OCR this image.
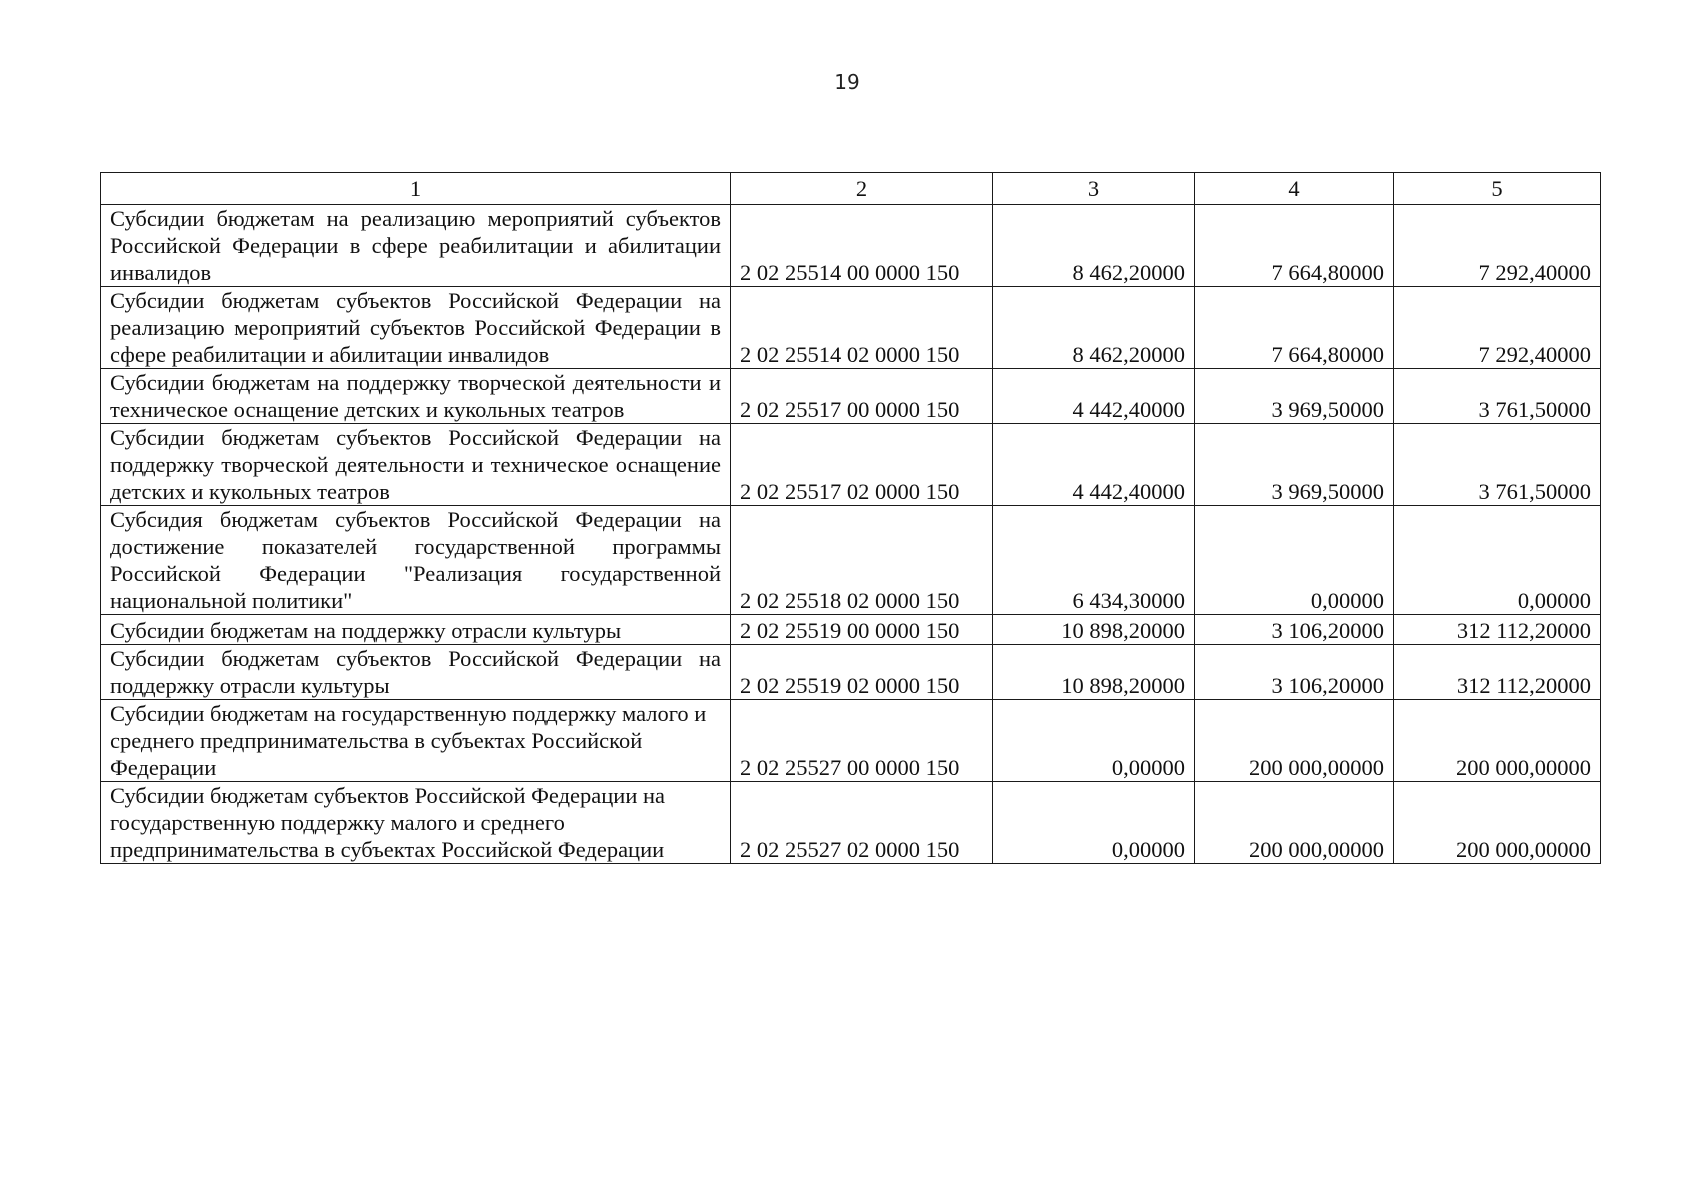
19
1	2	3	4	5
Субсидии бюджетам на реализацию мероприятий субъектов Российской Федерации в сфере реабилитации и абилитации инвалидов	2 02 25514 00 0000 150	8 462,20000	7 664,80000	7 292,40000
Субсидии бюджетам субъектов Российской Федерации на реализацию мероприятий субъектов Российской Федерации в сфере реабилитации и абилитации инвалидов	2 02 25514 02 0000 150	8 462,20000	7 664,80000	7 292,40000
Субсидии бюджетам на поддержку творческой деятельности и техническое оснащение детских и кукольных театров	2 02 25517 00 0000 150	4 442,40000	3 969,50000	3 761,50000
Субсидии бюджетам субъектов Российской Федерации на поддержку творческой деятельности и техническое оснащение детских и кукольных театров	2 02 25517 02 0000 150	4 442,40000	3 969,50000	3 761,50000
Субсидия бюджетам субъектов Российской Федерации на достижение показателей государственной программы Российской Федерации "Реализация государственной национальной политики"	2 02 25518 02 0000 150	6 434,30000	0,00000	0,00000
Субсидии бюджетам на поддержку отрасли культуры	2 02 25519 00 0000 150	10 898,20000	3 106,20000	312 112,20000
Субсидии бюджетам субъектов Российской Федерации на поддержку отрасли культуры	2 02 25519 02 0000 150	10 898,20000	3 106,20000	312 112,20000
Субсидии бюджетам на государственную поддержку малого и среднего предпринимательства в субъектах Российской Федерации	2 02 25527 00 0000 150	0,00000	200 000,00000	200 000,00000
Субсидии бюджетам субъектов Российской Федерации на государственную поддержку малого и среднего предпринимательства в субъектах Российской Федерации	2 02 25527 02 0000 150	0,00000	200 000,00000	200 000,00000
